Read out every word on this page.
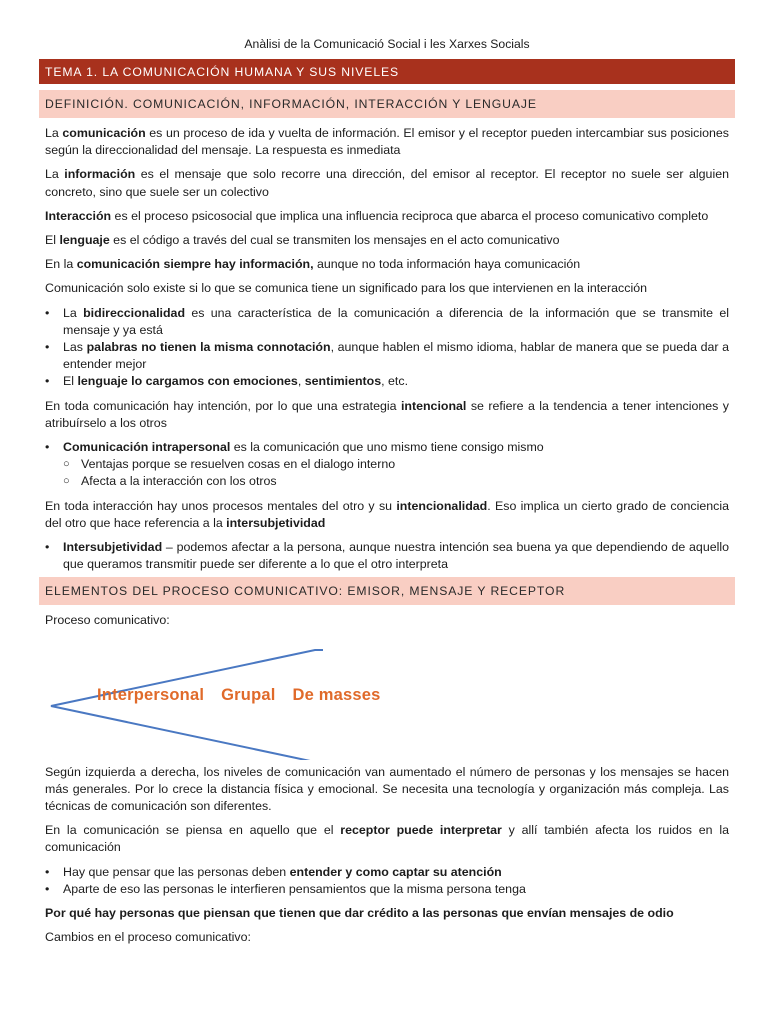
Anàlisi de la Comunicació Social i les Xarxes Socials
TEMA 1. LA COMUNICACIÓN HUMANA Y SUS NIVELES
DEFINICIÓN. COMUNICACIÓN, INFORMACIÓN, INTERACCIÓN Y LENGUAJE

La comunicación es un proceso de ida y vuelta de información. El emisor y el receptor pueden intercambiar sus posiciones según la direccionalidad del mensaje. La respuesta es inmediata

La información es el mensaje que solo recorre una dirección, del emisor al receptor. El receptor no suele ser alguien concreto, sino que suele ser un colectivo

Interacción es el proceso psicosocial que implica una influencia reciproca que abarca el proceso comunicativo completo

El lenguaje es el código a través del cual se transmiten los mensajes en el acto comunicativo

En la comunicación siempre hay información, aunque no toda información haya comunicación

Comunicación solo existe si lo que se comunica tiene un significado para los que intervienen en la interacción

•	La bidireccionalidad es una característica de la comunicación a diferencia de la información que se transmite el mensaje y ya está
•	Las palabras no tienen la misma connotación, aunque hablen el mismo idioma, hablar de manera que se pueda dar a entender mejor
•	El lenguaje lo cargamos con emociones, sentimientos, etc.

En toda comunicación hay intención, por lo que una estrategia intencional se refiere a la tendencia a tener intenciones y atribuírselo a los otros

•	Comunicación intrapersonal es la comunicación que uno mismo tiene consigo mismo
○ Ventajas porque se resuelven cosas en el dialogo interno
○ Afecta a la interacción con los otros

En toda interacción hay unos procesos mentales del otro y su intencionalidad. Eso implica un cierto grado de conciencia del otro que hace referencia a la intersubjetividad

•	Intersubjetividad – podemos afectar a la persona, aunque nuestra intención sea buena ya que dependiendo de aquello que queramos transmitir puede ser diferente a lo que el otro interpreta
ELEMENTOS DEL PROCESO COMUNICATIVO: EMISOR, MENSAJE Y RECEPTOR

Proceso comunicativo:

Interpersonal Grupal De masses

Según izquierda a derecha, los niveles de comunicación van aumentado el número de personas y los mensajes se hacen más generales. Por lo crece la distancia física y emocional. Se necesita una tecnología y organización más compleja. Las técnicas de comunicación son diferentes.

En la comunicación se piensa en aquello que el receptor puede interpretar y allí también afecta los ruidos en la comunicación

•	Hay que pensar que las personas deben entender y como captar su atención
•	Aparte de eso las personas le interfieren pensamientos que la misma persona tenga

Por qué hay personas que piensan que tienen que dar crédito a las personas que envían mensajes de odio

Cambios en el proceso comunicativo:
